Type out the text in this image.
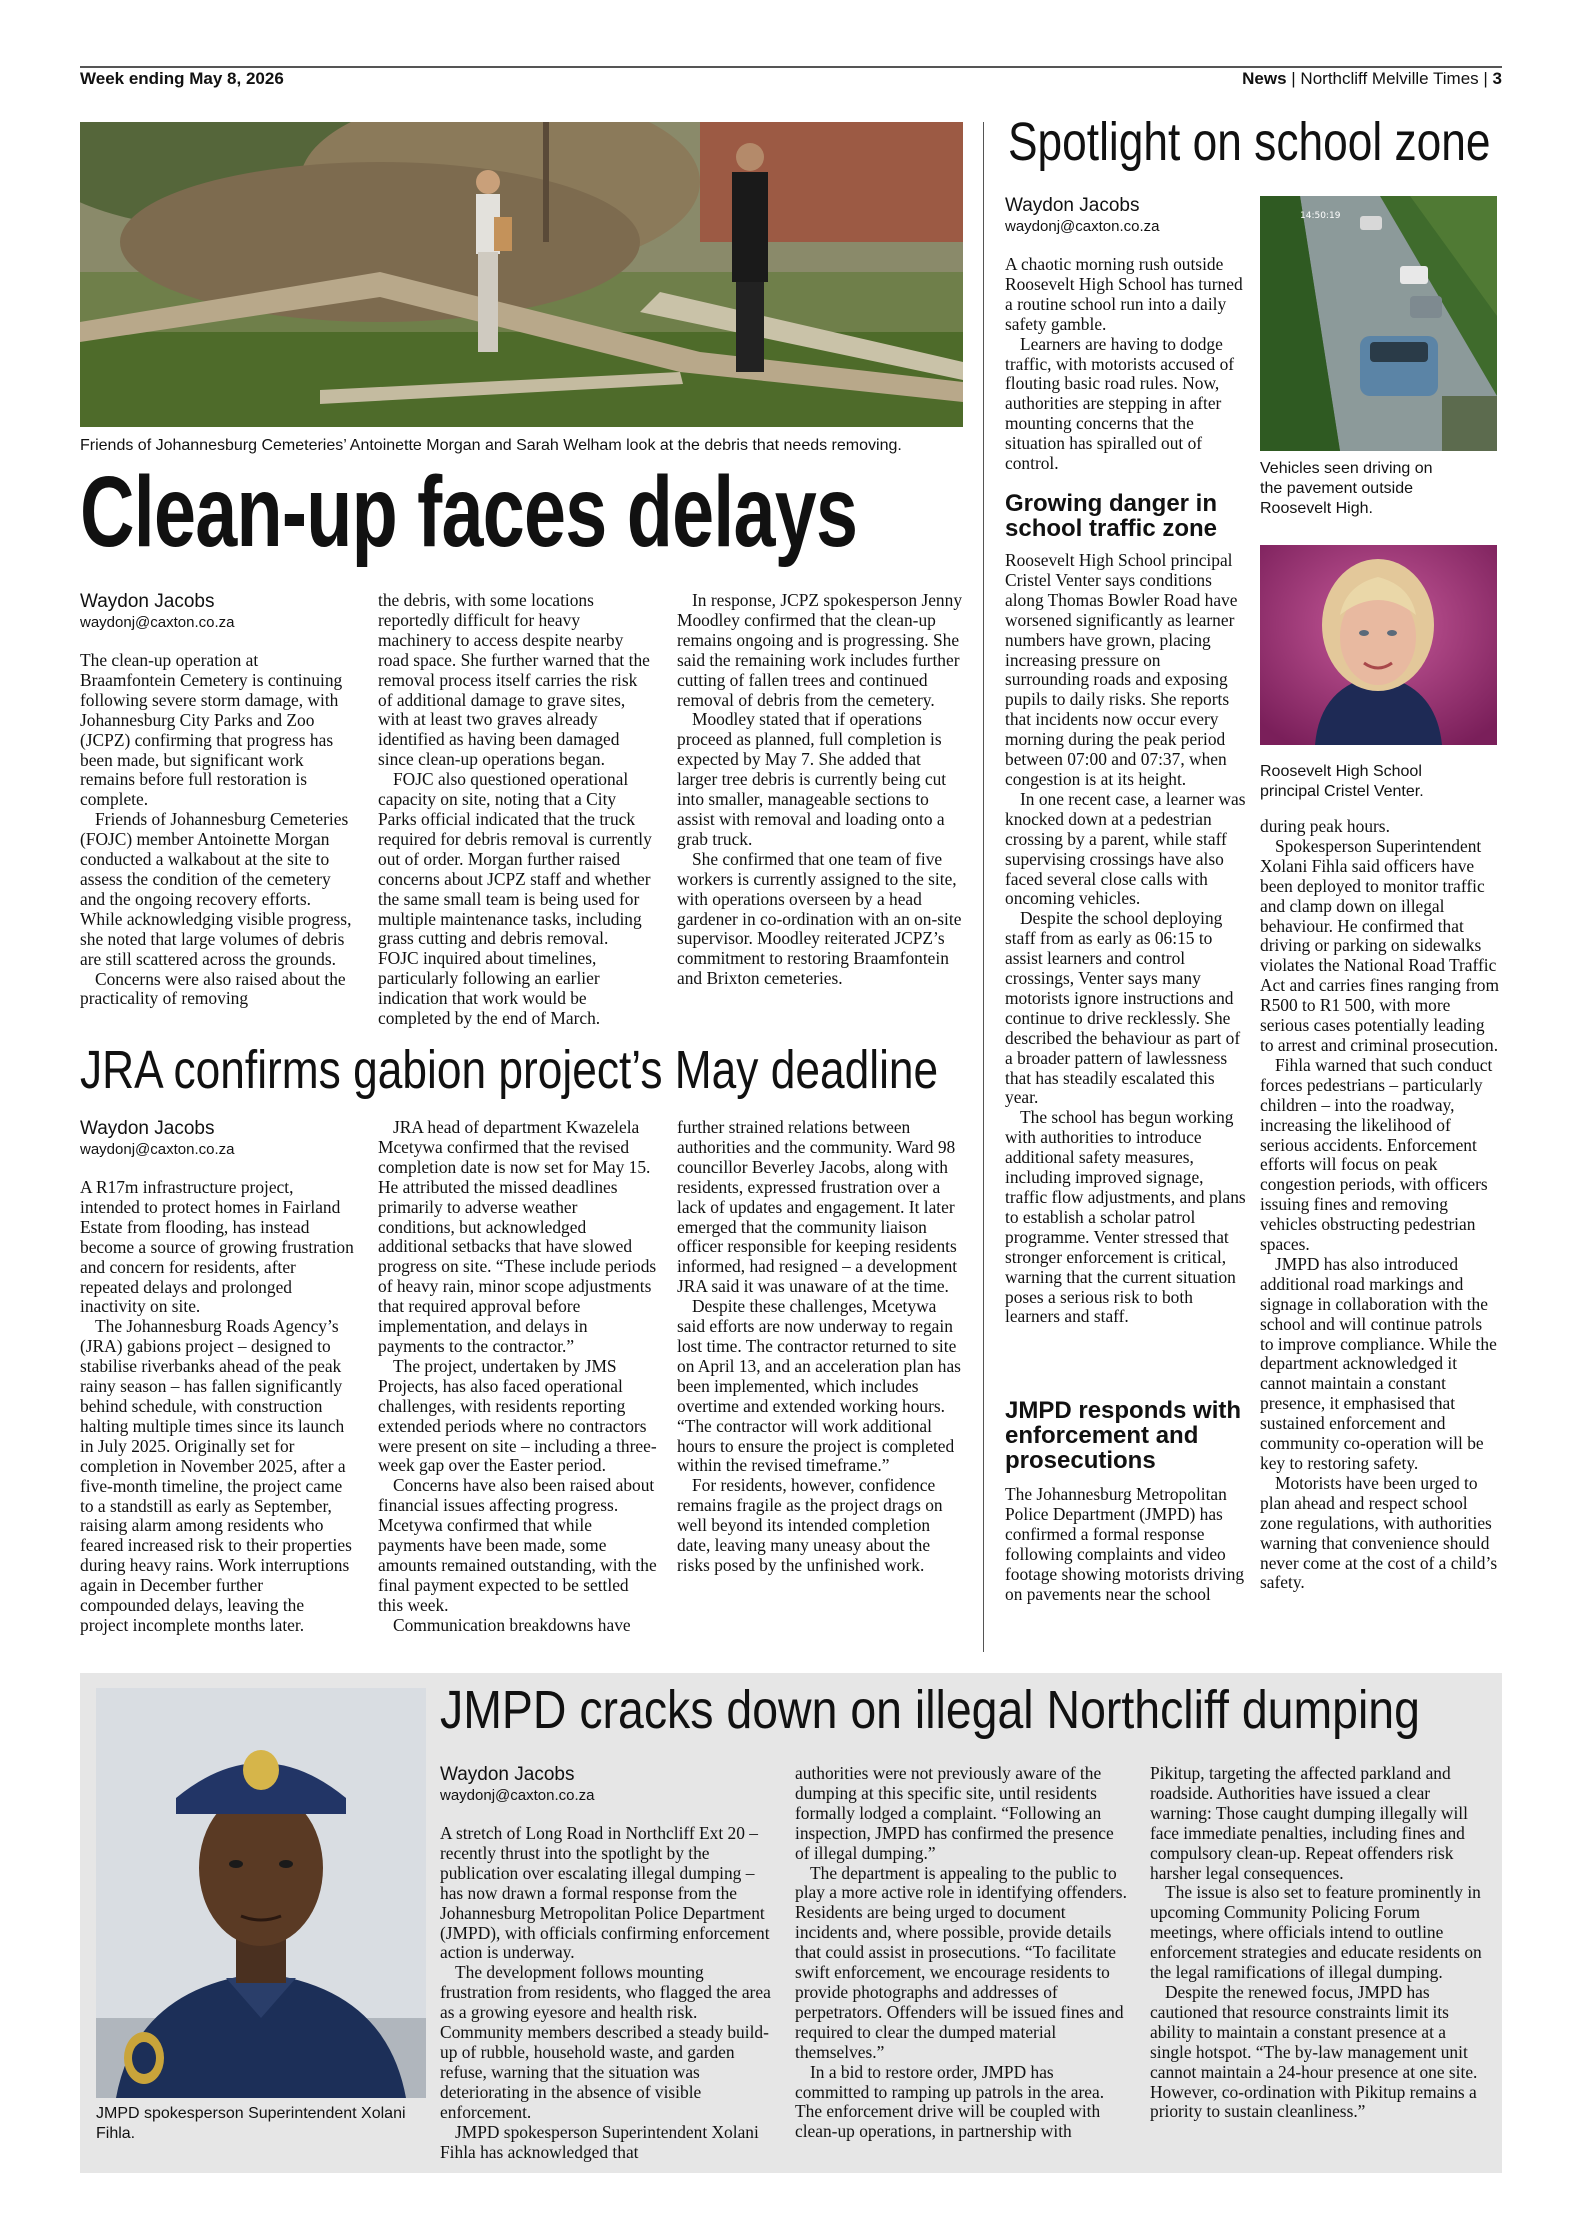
Week ending May 8, 2026	News | Northcliff Melville Times | 3
Friends of Johannesburg Cemeteries’ Antoinette Morgan and Sarah Welham look at the debris that needs removing.
Clean-up faces delays
Waydon Jacobs
waydonj@caxton.co.za

The clean-up operation at Braamfontein Cemetery is continuing following severe storm damage, with Johannesburg City Parks and Zoo (JCPZ) confirming that progress has been made, but significant work remains before full restoration is complete.

Friends of Johannesburg Cemeteries (FOJC) member Antoinette Morgan conducted a walkabout at the site to assess the condition of the cemetery and the ongoing recovery efforts. While acknowledging visible progress, she noted that large volumes of debris are still scattered across the grounds.

Concerns were also raised about the practicality of removing

the debris, with some locations reportedly difficult for heavy machinery to access despite nearby road space. She further warned that the removal process itself carries the risk of additional damage to grave sites, with at least two graves already identified as having been damaged since clean-up operations began.

FOJC also questioned operational capacity on site, noting that a City Parks official indicated that the truck required for debris removal is currently out of order. Morgan further raised concerns about JCPZ staff and whether the same small team is being used for multiple maintenance tasks, including grass cutting and debris removal. FOJC inquired about timelines, particularly following an earlier indication that work would be completed by the end of March.

In response, JCPZ spokesperson Jenny Moodley confirmed that the clean-up remains ongoing and is progressing. She said the remaining work includes further cutting of fallen trees and continued removal of debris from the cemetery.

Moodley stated that if operations proceed as planned, full completion is expected by May 7. She added that larger tree debris is currently being cut into smaller, manageable sections to assist with removal and loading onto a grab truck.

She confirmed that one team of five workers is currently assigned to the site, with operations overseen by a head gardener in co-ordination with an on-site supervisor. Moodley reiterated JCPZ’s commitment to restoring Braamfontein and Brixton cemeteries.

JRA confirms gabion project’s May deadline
Waydon Jacobs
waydonj@caxton.co.za

A R17m infrastructure project, intended to protect homes in Fairland Estate from flooding, has instead become a source of growing frustration and concern for residents, after repeated delays and prolonged inactivity on site.

The Johannesburg Roads Agency’s (JRA) gabions project – designed to stabilise riverbanks ahead of the peak rainy season – has fallen significantly behind schedule, with construction halting multiple times since its launch in July 2025. Originally set for completion in November 2025, after a five-month timeline, the project came to a standstill as early as September, raising alarm among residents who feared increased risk to their properties during heavy rains. Work interruptions again in December further compounded delays, leaving the project incomplete months later.

JRA head of department Kwazelela Mcetywa confirmed that the revised completion date is now set for May 15. He attributed the missed deadlines primarily to adverse weather conditions, but acknowledged additional setbacks that have slowed progress on site. “These include periods of heavy rain, minor scope adjustments that required approval before implementation, and delays in payments to the contractor.”

The project, undertaken by JMS Projects, has also faced operational challenges, with residents reporting extended periods where no contractors were present on site – including a three-week gap over the Easter period.

Concerns have also been raised about financial issues affecting progress. Mcetywa confirmed that while payments have been made, some amounts remained outstanding, with the final payment expected to be settled this week.

Communication breakdowns have

further strained relations between authorities and the community. Ward 98 councillor Beverley Jacobs, along with residents, expressed frustration over a lack of updates and engagement. It later emerged that the community liaison officer responsible for keeping residents informed, had resigned – a development JRA said it was unaware of at the time.

Despite these challenges, Mcetywa said efforts are now underway to regain lost time. The contractor returned to site on April 13, and an acceleration plan has been implemented, which includes overtime and extended working hours. “The contractor will work additional hours to ensure the project is completed within the revised timeframe.”

For residents, however, confidence remains fragile as the project drags on well beyond its intended completion date, leaving many uneasy about the risks posed by the unfinished work.

Spotlight on school zone
Waydon Jacobs
waydonj@caxton.co.za

A chaotic morning rush outside Roosevelt High School has turned a routine school run into a daily safety gamble.

Learners are having to dodge traffic, with motorists accused of flouting basic road rules. Now, authorities are stepping in after mounting concerns that the situation has spiralled out of control.

Growing danger in school traffic zone

Roosevelt High School principal Cristel Venter says conditions along Thomas Bowler Road have worsened significantly as learner numbers have grown, placing increasing pressure on surrounding roads and exposing pupils to daily risks. She reports that incidents now occur every morning during the peak period between 07:00 and 07:37, when congestion is at its height.

In one recent case, a learner was knocked down at a pedestrian crossing by a parent, while staff supervising crossings have also faced several close calls with oncoming vehicles.

Despite the school deploying staff from as early as 06:15 to assist learners and control crossings, Venter says many motorists ignore instructions and continue to drive recklessly. She described the behaviour as part of a broader pattern of lawlessness that has steadily escalated this year.

The school has begun working with authorities to introduce additional safety measures, including improved signage, traffic flow adjustments, and plans to establish a scholar patrol programme. Venter stressed that stronger enforcement is critical, warning that the current situation poses a serious risk to both learners and staff.

JMPD responds with enforcement and prosecutions

The Johannesburg Metropolitan Police Department (JMPD) has confirmed a formal response following complaints and video footage showing motorists driving on pavements near the school

14:50:19
Vehicles seen driving on the pavement outside Roosevelt High.
Roosevelt High School principal Cristel Venter.

during peak hours.

Spokesperson Superintendent Xolani Fihla said officers have been deployed to monitor traffic and clamp down on illegal behaviour. He confirmed that driving or parking on sidewalks violates the National Road Traffic Act and carries fines ranging from R500 to R1 500, with more serious cases potentially leading to arrest and criminal prosecution.

Fihla warned that such conduct forces pedestrians – particularly children – into the roadway, increasing the likelihood of serious accidents. Enforcement efforts will focus on peak congestion periods, with officers issuing fines and removing vehicles obstructing pedestrian spaces.

JMPD has also introduced additional road markings and signage in collaboration with the school and will continue patrols to improve compliance. While the department acknowledged it cannot maintain a constant presence, it emphasised that sustained enforcement and community co-operation will be key to restoring safety.

Motorists have been urged to plan ahead and respect school zone regulations, with authorities warning that convenience should never come at the cost of a child’s safety.

JMPD spokesperson Superintendent Xolani Fihla.
JMPD cracks down on illegal Northcliff dumping
Waydon Jacobs
waydonj@caxton.co.za

A stretch of Long Road in Northcliff Ext 20 – recently thrust into the spotlight by the publication over escalating illegal dumping – has now drawn a formal response from the Johannesburg Metropolitan Police Department (JMPD), with officials confirming enforcement action is underway.

The development follows mounting frustration from residents, who flagged the area as a growing eyesore and health risk. Community members described a steady build-up of rubble, household waste, and garden refuse, warning that the situation was deteriorating in the absence of visible enforcement.

JMPD spokesperson Superintendent Xolani Fihla has acknowledged that

authorities were not previously aware of the dumping at this specific site, until residents formally lodged a complaint. “Following an inspection, JMPD has confirmed the presence of illegal dumping.”

The department is appealing to the public to play a more active role in identifying offenders. Residents are being urged to document incidents and, where possible, provide details that could assist in prosecutions. “To facilitate swift enforcement, we encourage residents to provide photographs and addresses of perpetrators. Offenders will be issued fines and required to clear the dumped material themselves.”

In a bid to restore order, JMPD has committed to ramping up patrols in the area. The enforcement drive will be coupled with clean-up operations, in partnership with

Pikitup, targeting the affected parkland and roadside. Authorities have issued a clear warning: Those caught dumping illegally will face immediate penalties, including fines and compulsory clean-up. Repeat offenders risk harsher legal consequences.

The issue is also set to feature prominently in upcoming Community Policing Forum meetings, where officials intend to outline enforcement strategies and educate residents on the legal ramifications of illegal dumping.

Despite the renewed focus, JMPD has cautioned that resource constraints limit its ability to maintain a constant presence at a single hotspot. “The by-law management unit cannot maintain a 24-hour presence at one site. However, co-ordination with Pikitup remains a priority to sustain cleanliness.”
